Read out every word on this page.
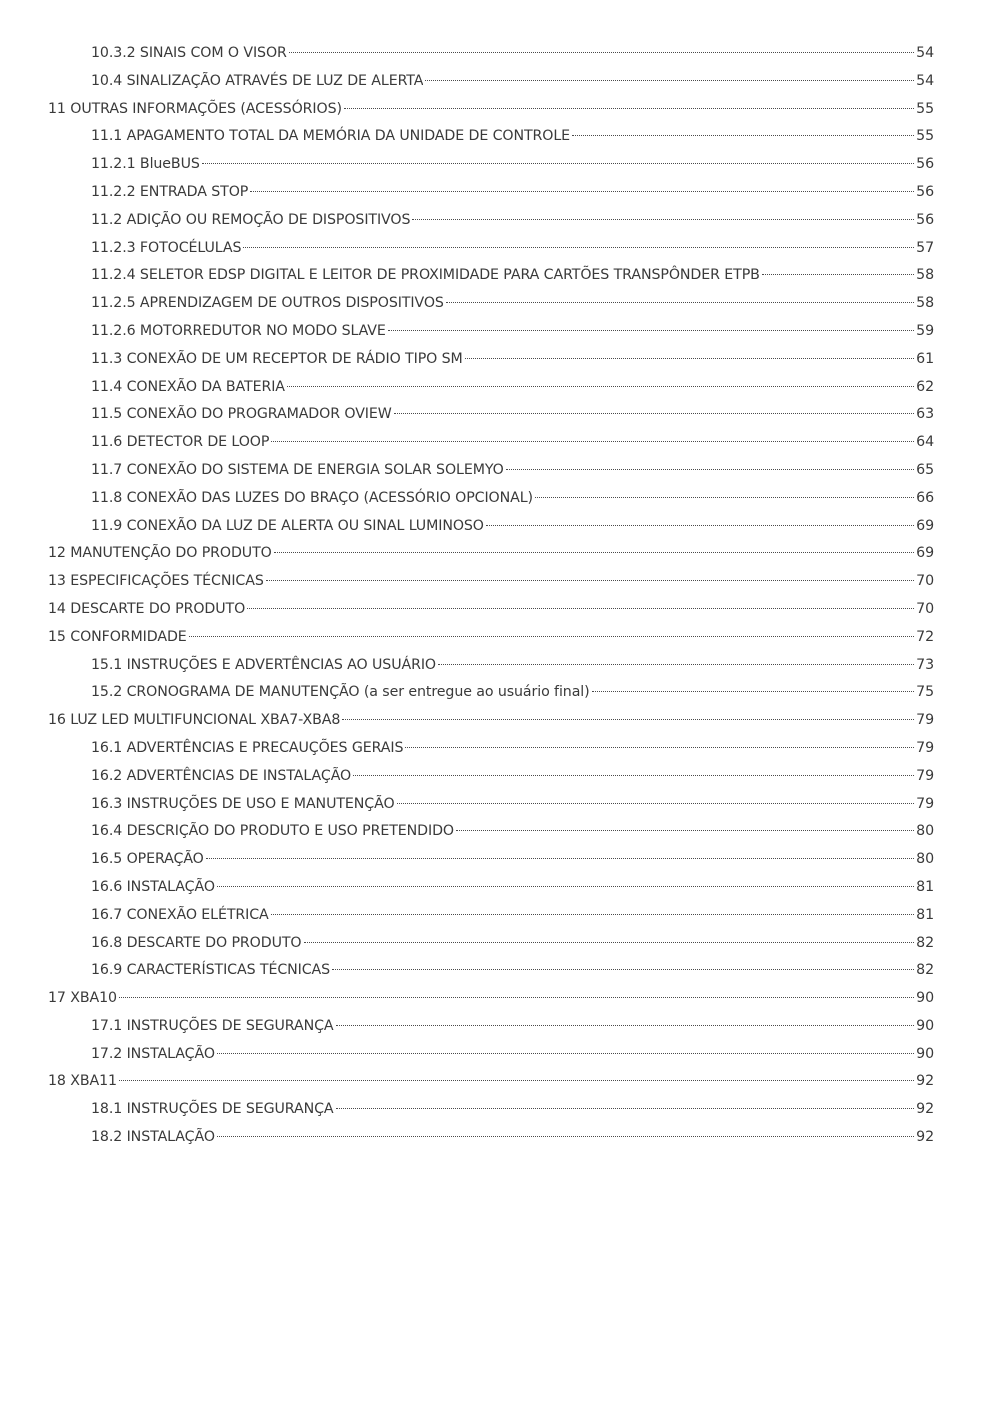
10.3.2 SINAIS COM O VISOR	54
10.4 SINALIZAÇÃO ATRAVÉS DE LUZ DE ALERTA	54
11 OUTRAS INFORMAÇÕES (ACESSÓRIOS)	55
11.1 APAGAMENTO TOTAL DA MEMÓRIA DA UNIDADE DE CONTROLE	55
11.2.1 BlueBUS	56
11.2.2 ENTRADA STOP	56
11.2 ADIÇÃO OU REMOÇÃO DE DISPOSITIVOS	56
11.2.3 FOTOCÉLULAS	57
11.2.4 SELETOR EDSP DIGITAL E LEITOR DE PROXIMIDADE PARA CARTÕES TRANSPÔNDER ETPB	58
11.2.5 APRENDIZAGEM DE OUTROS DISPOSITIVOS	58
11.2.6 MOTORREDUTOR NO MODO SLAVE	59
11.3 CONEXÃO DE UM RECEPTOR DE RÁDIO TIPO SM	61
11.4 CONEXÃO DA BATERIA	62
11.5 CONEXÃO DO PROGRAMADOR OVIEW	63
11.6 DETECTOR DE LOOP	64
11.7 CONEXÃO DO SISTEMA DE ENERGIA SOLAR SOLEMYO	65
11.8 CONEXÃO DAS LUZES DO BRAÇO (ACESSÓRIO OPCIONAL)	66
11.9 CONEXÃO DA LUZ DE ALERTA OU SINAL LUMINOSO	69
12 MANUTENÇÃO DO PRODUTO	69
13 ESPECIFICAÇÕES TÉCNICAS	70
14 DESCARTE DO PRODUTO	70
15 CONFORMIDADE	72
15.1 INSTRUÇÕES E ADVERTÊNCIAS AO USUÁRIO	73
15.2 CRONOGRAMA DE MANUTENÇÃO (a ser entregue ao usuário final)	75
16 LUZ LED MULTIFUNCIONAL XBA7-XBA8	79
16.1 ADVERTÊNCIAS E PRECAUÇÕES GERAIS	79
16.2 ADVERTÊNCIAS DE INSTALAÇÃO	79
16.3 INSTRUÇÕES DE USO E MANUTENÇÃO	79
16.4 DESCRIÇÃO DO PRODUTO E USO PRETENDIDO	80
16.5 OPERAÇÃO	80
16.6 INSTALAÇÃO	81
16.7 CONEXÃO ELÉTRICA	81
16.8 DESCARTE DO PRODUTO	82
16.9 CARACTERÍSTICAS TÉCNICAS	82
17 XBA10	90
17.1 INSTRUÇÕES DE SEGURANÇA	90
17.2 INSTALAÇÃO	90
18 XBA11	92
18.1 INSTRUÇÕES DE SEGURANÇA	92
18.2 INSTALAÇÃO	92
